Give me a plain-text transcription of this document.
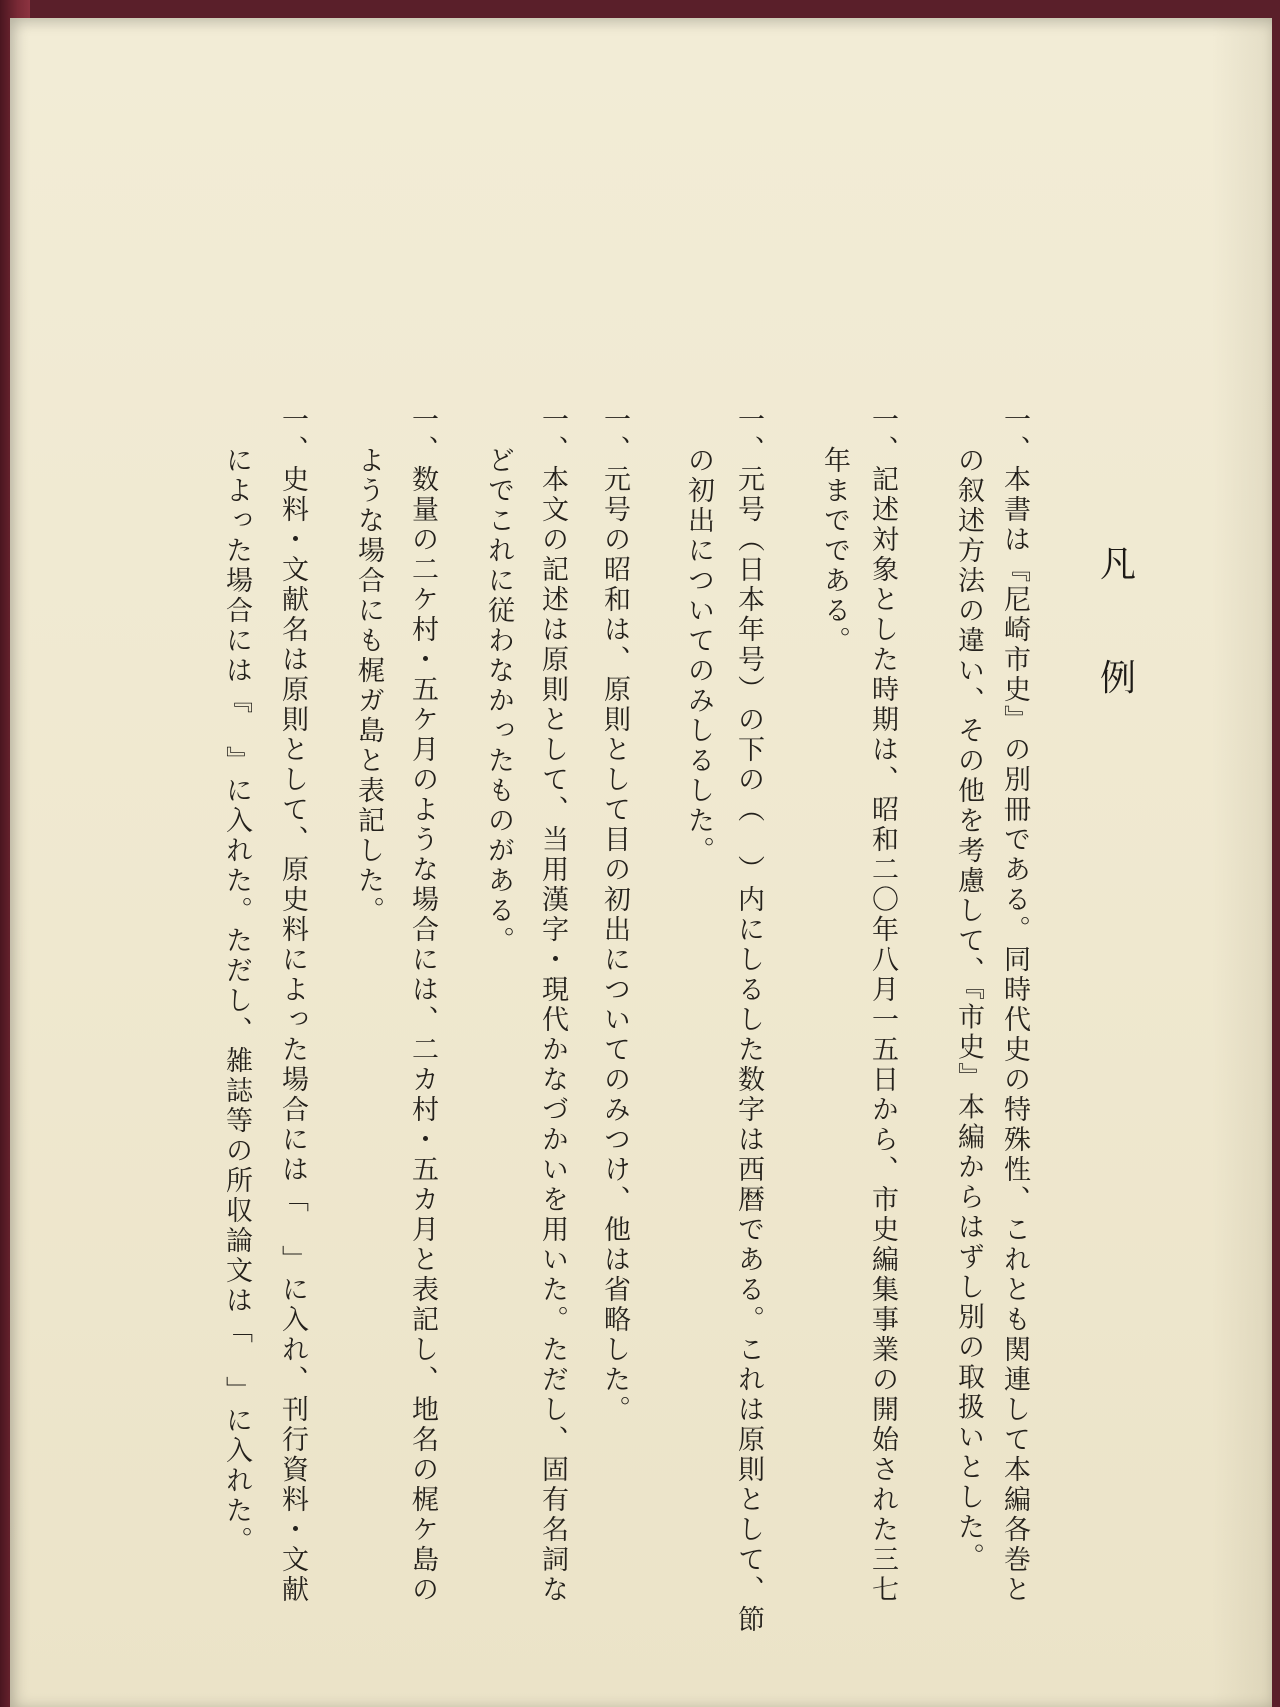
凡
例
一、本書は『尼崎市史』の別冊である。同時代史の特殊性、これとも関連して本編各巻と
の叙述方法の違い、その他を考慮して、『市史』本編からはずし別の取扱いとした。
一、記述対象とした時期は、昭和二〇年八月一五日から、市史編集事業の開始された三七
年までである。
一、元号（日本年号）の下の（　）内にしるした数字は西暦である。これは原則として、節
の初出についてのみしるした。
一、元号の昭和は、原則として目の初出についてのみつけ、他は省略した。
一、本文の記述は原則として、当用漢字・現代かなづかいを用いた。ただし、固有名詞な
どでこれに従わなかったものがある。
一、数量の二ケ村・五ケ月のような場合には、二カ村・五カ月と表記し、地名の梶ケ島の
ような場合にも梶ガ島と表記した。
一、史料・文献名は原則として、原史料によった場合には「　」に入れ、刊行資料・文献
によった場合には『　』に入れた。ただし、雑誌等の所収論文は「　」に入れた。
